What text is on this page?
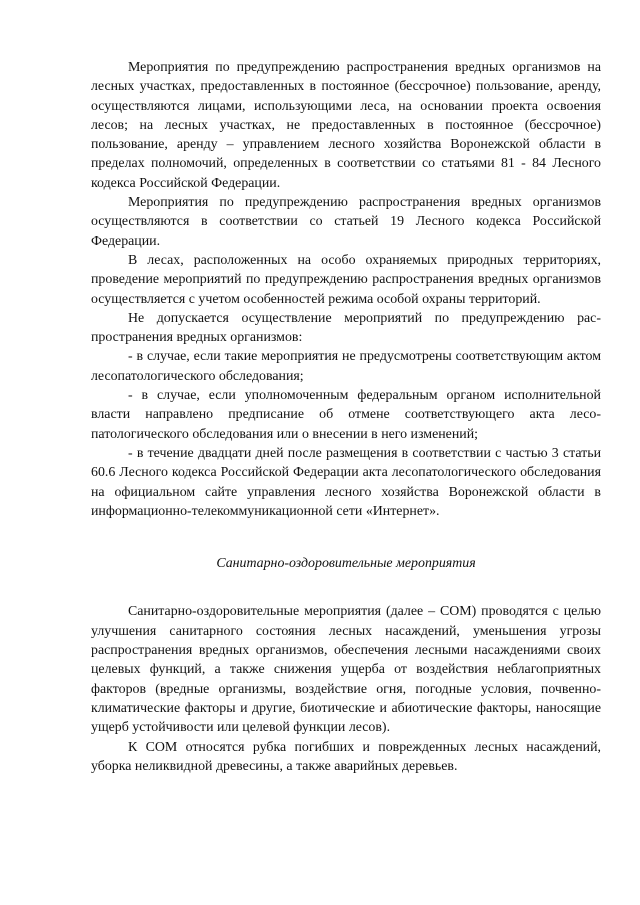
Мероприятия по предупреждению распространения вредных организмов на лесных участках, предоставленных в постоянное (бессрочное) пользование, аренду, осуществляются лицами, использующими леса, на основании проекта освоения лесов; на лесных участках, не предоставленных в постоянное (бессрочное) пользование, аренду – управлением лесного хозяйства Воронежской области в пределах полномочий, определенных в соответствии со статьями 81 - 84 Лесного кодекса Российской Федерации.

Мероприятия по предупреждению распространения вредных организмов осуществляются в соответствии со статьей 19 Лесного кодекса Российской Федерации.

В лесах, расположенных на особо охраняемых природных территориях, проведение мероприятий по предупреждению распространения вредных организмов осуществляется с учетом особенностей режима особой охраны территорий.

Не допускается осуществление мероприятий по предупреждению распространения вредных организмов:

- в случае, если такие мероприятия не предусмотрены соответствующим актом лесопатологического обследования;

- в случае, если уполномоченным федеральным органом исполнительной власти направлено предписание об отмене соответствующего акта лесопатологического обследования или о внесении в него изменений;

- в течение двадцати дней после размещения в соответствии с частью 3 статьи 60.6 Лесного кодекса Российской Федерации акта лесопатологического обследования на официальном сайте управления лесного хозяйства Воронежской области в информационно-телекоммуникационной сети «Интернет».

Санитарно-оздоровительные мероприятия

Санитарно-оздоровительные мероприятия (далее – СОМ) проводятся с целью улучшения санитарного состояния лесных насаждений, уменьшения угрозы распространения вредных организмов, обеспечения лесными насаждениями своих целевых функций, а также снижения ущерба от воздействия неблагоприятных факторов (вредные организмы, воздействие огня, погодные условия, почвенно-климатические факторы и другие, биотические и абиотические факторы, наносящие ущерб устойчивости или целевой функции лесов).

К СОМ относятся рубка погибших и поврежденных лесных насаждений, уборка неликвидной древесины, а также аварийных деревьев.
